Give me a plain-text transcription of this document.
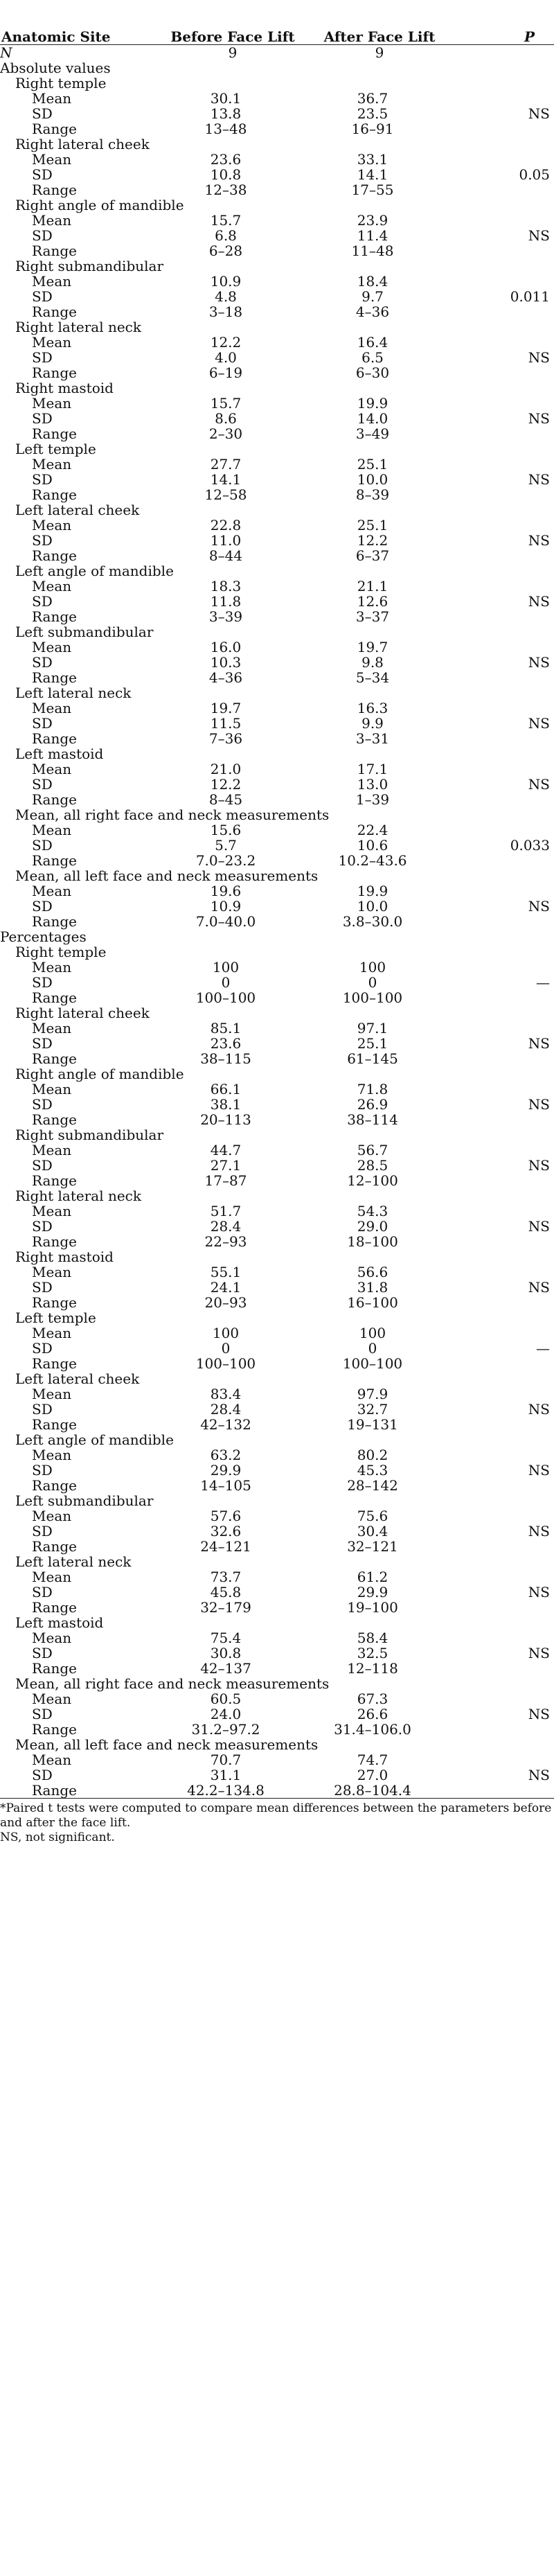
Anatomic Site	Before Face Lift	After Face Lift	P
N	9	9	
Absolute values			
Right temple			
Mean	30.1	36.7	
SD	13.8	23.5	NS
Range	13–48	16–91	
Right lateral cheek			
Mean	23.6	33.1	
SD	10.8	14.1	0.05
Range	12–38	17–55	
Right angle of mandible			
Mean	15.7	23.9	
SD	6.8	11.4	NS
Range	6–28	11–48	
Right submandibular			
Mean	10.9	18.4	
SD	4.8	9.7	0.011
Range	3–18	4–36	
Right lateral neck			
Mean	12.2	16.4	
SD	4.0	6.5	NS
Range	6–19	6–30	
Right mastoid			
Mean	15.7	19.9	
SD	8.6	14.0	NS
Range	2–30	3–49	
Left temple			
Mean	27.7	25.1	
SD	14.1	10.0	NS
Range	12–58	8–39	
Left lateral cheek			
Mean	22.8	25.1	
SD	11.0	12.2	NS
Range	8–44	6–37	
Left angle of mandible			
Mean	18.3	21.1	
SD	11.8	12.6	NS
Range	3–39	3–37	
Left submandibular			
Mean	16.0	19.7	
SD	10.3	9.8	NS
Range	4–36	5–34	
Left lateral neck			
Mean	19.7	16.3	
SD	11.5	9.9	NS
Range	7–36	3–31	
Left mastoid			
Mean	21.0	17.1	
SD	12.2	13.0	NS
Range	8–45	1–39	
Mean, all right face and neck measurements			
Mean	15.6	22.4	
SD	5.7	10.6	0.033
Range	7.0–23.2	10.2–43.6	
Mean, all left face and neck measurements			
Mean	19.6	19.9	
SD	10.9	10.0	NS
Range	7.0–40.0	3.8–30.0	
Percentages			
Right temple			
Mean	100	100	
SD	0	0	—
Range	100–100	100–100	
Right lateral cheek			
Mean	85.1	97.1	
SD	23.6	25.1	NS
Range	38–115	61–145	
Right angle of mandible			
Mean	66.1	71.8	
SD	38.1	26.9	NS
Range	20–113	38–114	
Right submandibular			
Mean	44.7	56.7	
SD	27.1	28.5	NS
Range	17–87	12–100	
Right lateral neck			
Mean	51.7	54.3	
SD	28.4	29.0	NS
Range	22–93	18–100	
Right mastoid			
Mean	55.1	56.6	
SD	24.1	31.8	NS
Range	20–93	16–100	
Left temple			
Mean	100	100	
SD	0	0	—
Range	100–100	100–100	
Left lateral cheek			
Mean	83.4	97.9	
SD	28.4	32.7	NS
Range	42–132	19–131	
Left angle of mandible			
Mean	63.2	80.2	
SD	29.9	45.3	NS
Range	14–105	28–142	
Left submandibular			
Mean	57.6	75.6	
SD	32.6	30.4	NS
Range	24–121	32–121	
Left lateral neck			
Mean	73.7	61.2	
SD	45.8	29.9	NS
Range	32–179	19–100	
Left mastoid			
Mean	75.4	58.4	
SD	30.8	32.5	NS
Range	42–137	12–118	
Mean, all right face and neck measurements			
Mean	60.5	67.3	
SD	24.0	26.6	NS
Range	31.2–97.2	31.4–106.0	
Mean, all left face and neck measurements			
Mean	70.7	74.7	
SD	31.1	27.0	NS
Range	42.2–134.8	28.8–104.4	

*Paired t tests were computed to compare mean differences between the parameters before and after the face lift.

NS, not significant.
